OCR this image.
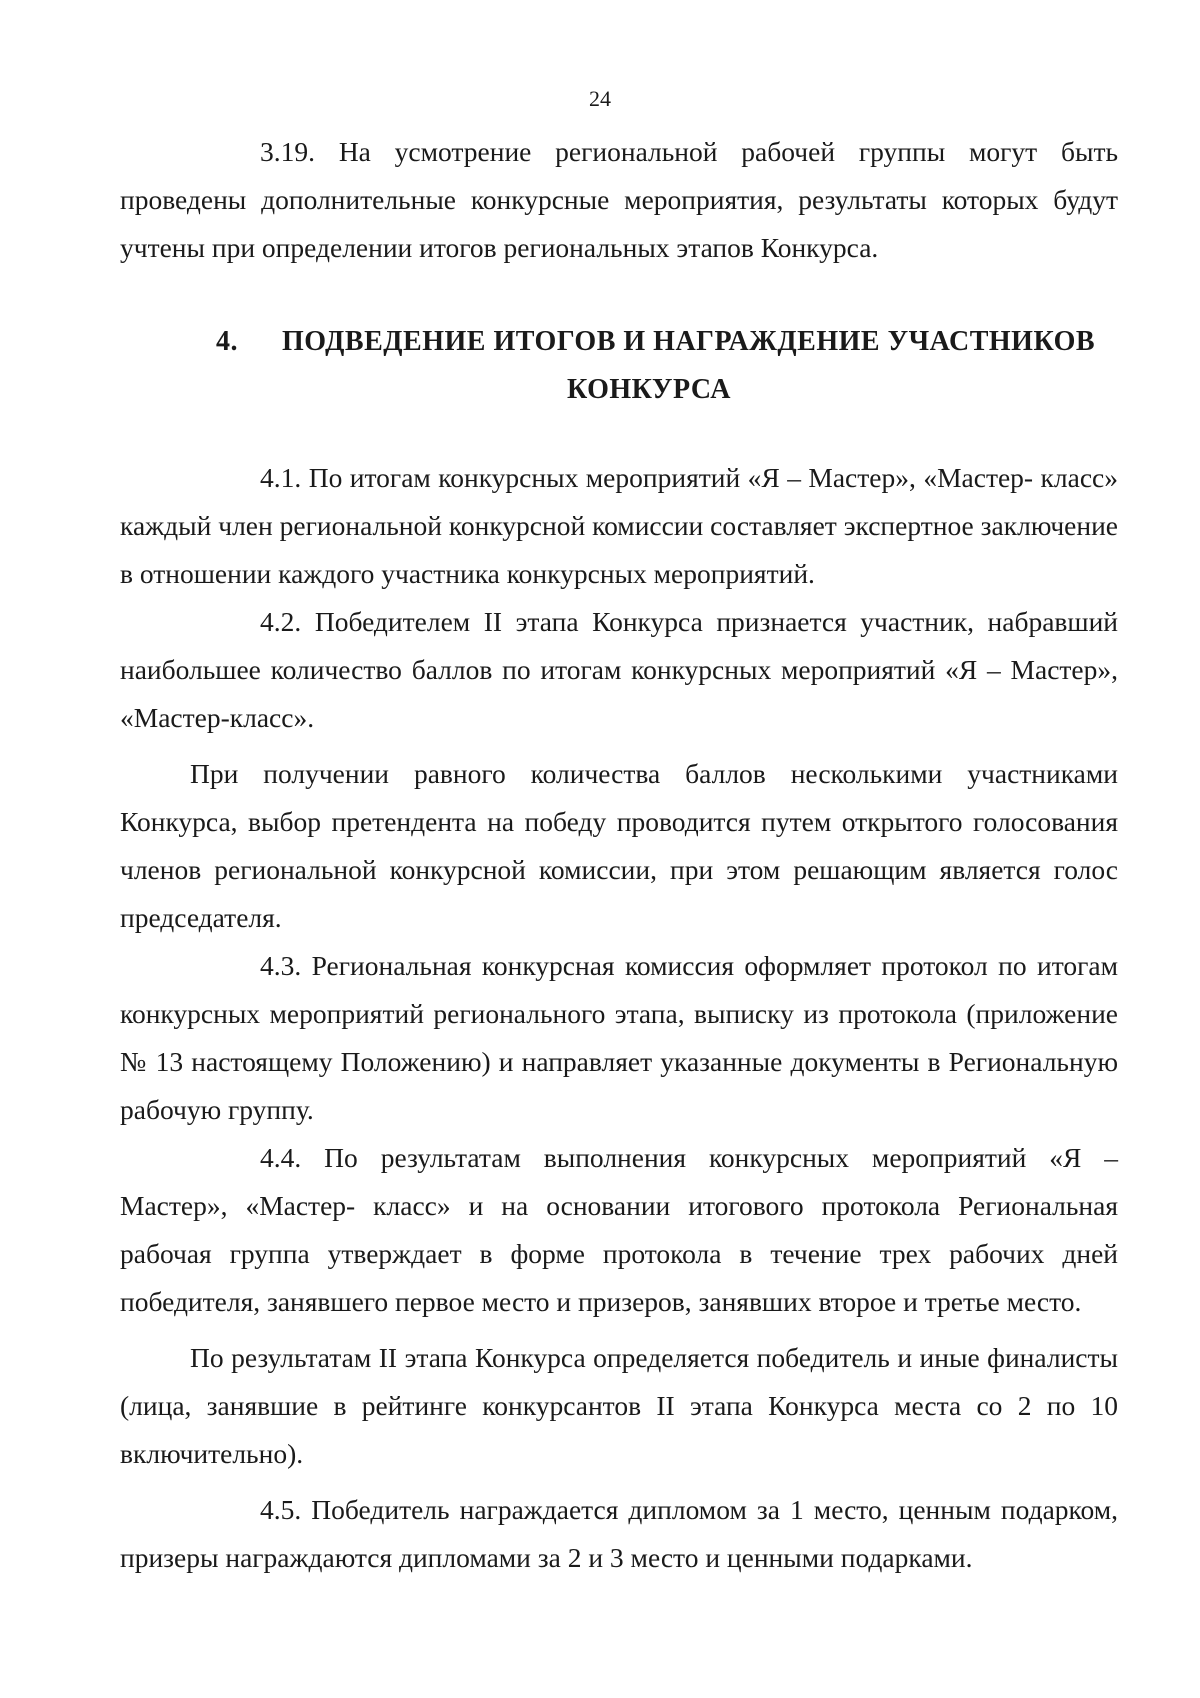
24

3.19. На усмотрение региональной рабочей группы могут быть проведены дополнительные конкурсные мероприятия, результаты которых будут учтены при определении итогов региональных этапов Конкурса.

4.	ПОДВЕДЕНИЕ ИТОГОВ И НАГРАЖДЕНИЕ УЧАСТНИКОВ
КОНКУРСА

4.1. По итогам конкурсных мероприятий «Я – Мастер», «Мастер- класс» каждый член региональной конкурсной комиссии составляет экспертное заключение в отношении каждого участника конкурсных мероприятий.

4.2. Победителем II этапа Конкурса признается участник, набравший наибольшее количество баллов по итогам конкурсных мероприятий «Я – Мастер», «Мастер-класс».

При получении равного количества баллов несколькими участниками Конкурса, выбор претендента на победу проводится путем открытого голосования членов региональной конкурсной комиссии, при этом решающим является голос председателя.

4.3. Региональная конкурсная комиссия оформляет протокол по итогам конкурсных мероприятий регионального этапа, выписку из протокола (приложение № 13 настоящему Положению) и направляет указанные документы в Региональную рабочую группу.

4.4. По результатам выполнения конкурсных мероприятий «Я – Мастер», «Мастер- класс» и на основании итогового протокола Региональная рабочая группа утверждает в форме протокола в течение трех рабочих дней победителя, занявшего первое место и призеров, занявших второе и третье место.

По результатам II этапа Конкурса определяется победитель и иные финалисты (лица, занявшие в рейтинге конкурсантов II этапа Конкурса места со 2 по 10 включительно).

4.5. Победитель награждается дипломом за 1 место, ценным подарком, призеры награждаются дипломами за 2 и 3 место и ценными подарками.
